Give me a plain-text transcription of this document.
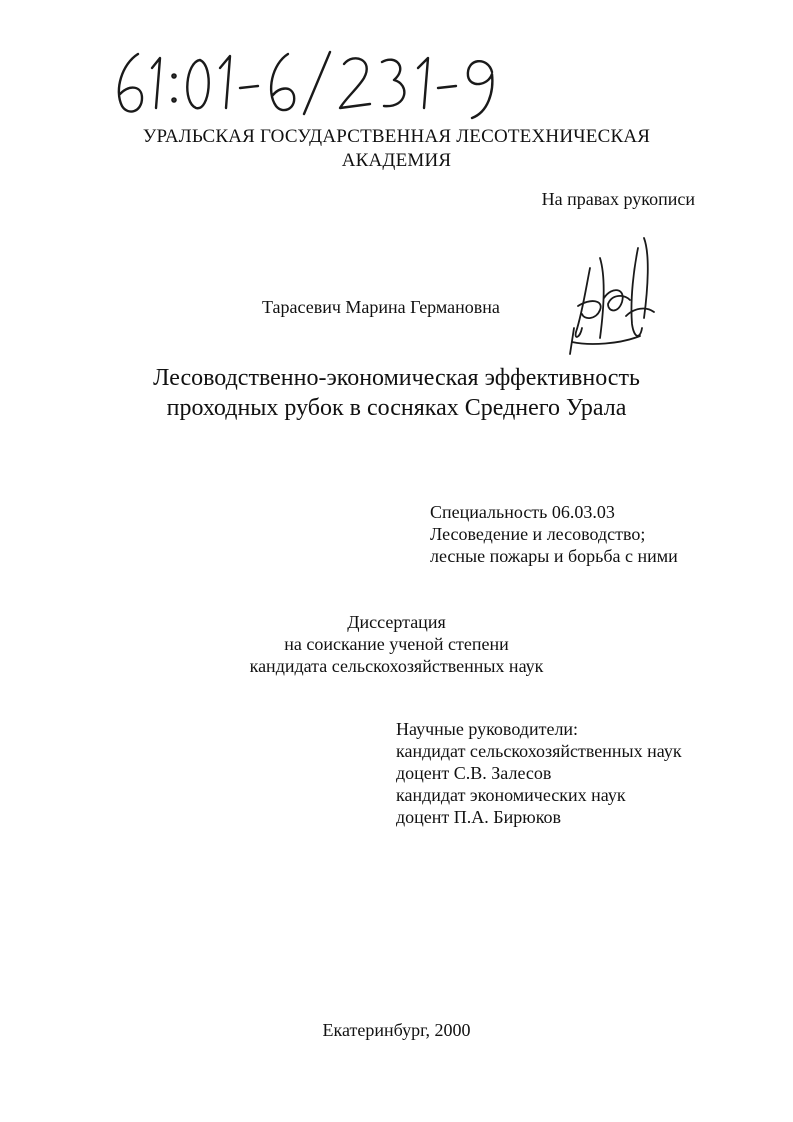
УРАЛЬСКАЯ ГОСУДАРСТВЕННАЯ ЛЕСОТЕХНИЧЕСКАЯ
АКАДЕМИЯ
На правах рукописи
Тарасевич Марина Германовна
Лесоводственно-экономическая эффективность
проходных рубок в сосняках Среднего Урала
Специальность 06.03.03
Лесоведение и лесоводство;
лесные пожары и борьба с ними
Диссертация
на соискание ученой степени
кандидата сельскохозяйственных наук
Научные руководители:
кандидат сельскохозяйственных наук
доцент С.В. Залесов
кандидат экономических наук
доцент П.А. Бирюков
Екатеринбург, 2000
